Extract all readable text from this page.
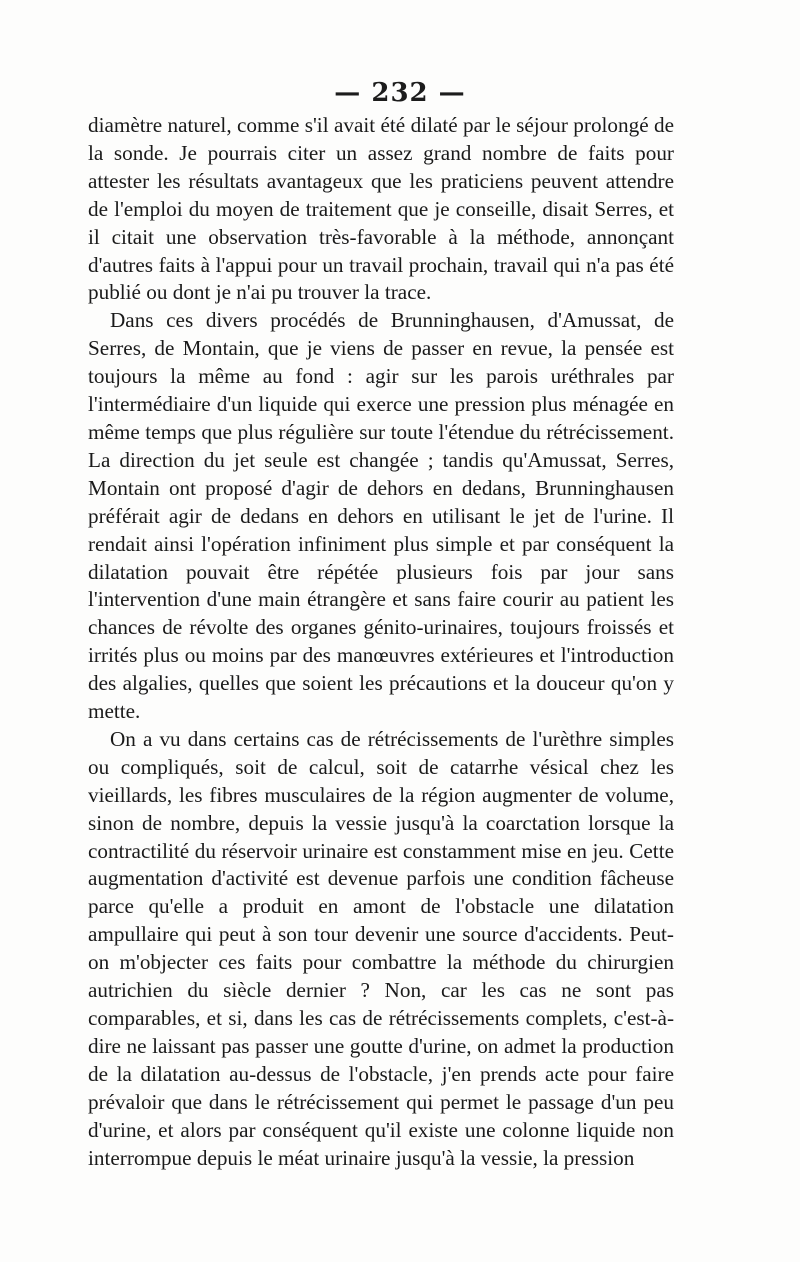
— 232 —

diamètre naturel, comme s'il avait été dilaté par le séjour prolongé de la sonde. Je pourrais citer un assez grand nombre de faits pour attester les résultats avantageux que les praticiens peuvent attendre de l'emploi du moyen de traitement que je conseille, disait Serres, et il citait une observation très-favorable à la méthode, annonçant d'autres faits à l'appui pour un travail prochain, travail qui n'a pas été publié ou dont je n'ai pu trouver la trace.

Dans ces divers procédés de Brunninghausen, d'Amussat, de Serres, de Montain, que je viens de passer en revue, la pensée est toujours la même au fond : agir sur les parois uréthrales par l'intermédiaire d'un liquide qui exerce une pression plus ménagée en même temps que plus régulière sur toute l'étendue du rétrécissement. La direction du jet seule est changée ; tandis qu'Amussat, Serres, Montain ont proposé d'agir de dehors en dedans, Brunninghausen préférait agir de dedans en dehors en utilisant le jet de l'urine. Il rendait ainsi l'opération infiniment plus simple et par conséquent la dilatation pouvait être répétée plusieurs fois par jour sans l'intervention d'une main étrangère et sans faire courir au patient les chances de révolte des organes génito-urinaires, toujours froissés et irrités plus ou moins par des manœuvres extérieures et l'introduction des algalies, quelles que soient les précautions et la douceur qu'on y mette.

On a vu dans certains cas de rétrécissements de l'urèthre simples ou compliqués, soit de calcul, soit de catarrhe vésical chez les vieillards, les fibres musculaires de la région augmenter de volume, sinon de nombre, depuis la vessie jusqu'à la coarctation lorsque la contractilité du réservoir urinaire est constamment mise en jeu. Cette augmentation d'activité est devenue parfois une condition fâcheuse parce qu'elle a produit en amont de l'obstacle une dilatation ampullaire qui peut à son tour devenir une source d'accidents. Peut-on m'objecter ces faits pour combattre la méthode du chirurgien autrichien du siècle dernier ? Non, car les cas ne sont pas comparables, et si, dans les cas de rétrécissements complets, c'est-à-dire ne laissant pas passer une goutte d'urine, on admet la production de la dilatation au-dessus de l'obstacle, j'en prends acte pour faire prévaloir que dans le rétrécissement qui permet le passage d'un peu d'urine, et alors par conséquent qu'il existe une colonne liquide non interrompue depuis le méat urinaire jusqu'à la vessie, la pression
